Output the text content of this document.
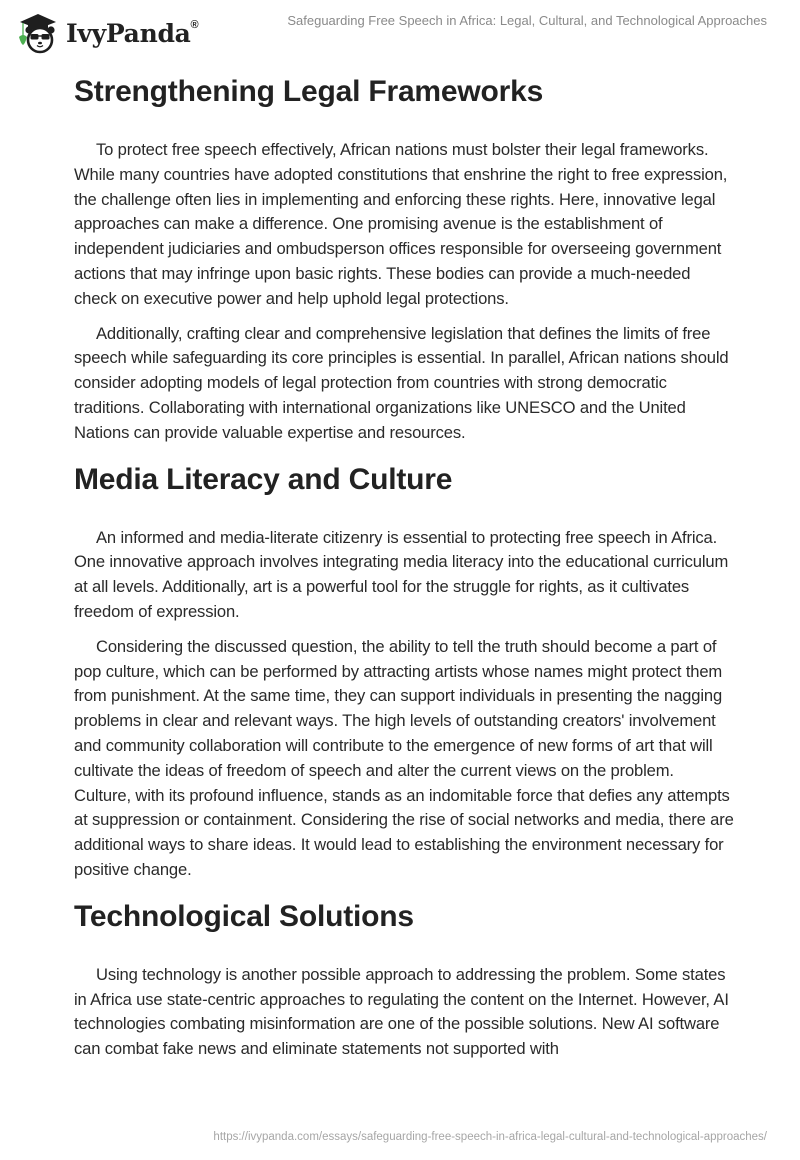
IvyPanda®	Safeguarding Free Speech in Africa: Legal, Cultural, and Technological Approaches
Strengthening Legal Frameworks

To protect free speech effectively, African nations must bolster their legal frameworks. While many countries have adopted constitutions that enshrine the right to free expression, the challenge often lies in implementing and enforcing these rights. Here, innovative legal approaches can make a difference. One promising avenue is the establishment of independent judiciaries and ombudsperson offices responsible for overseeing government actions that may infringe upon basic rights. These bodies can provide a much-needed check on executive power and help uphold legal protections.

Additionally, crafting clear and comprehensive legislation that defines the limits of free speech while safeguarding its core principles is essential. In parallel, African nations should consider adopting models of legal protection from countries with strong democratic traditions. Collaborating with international organizations like UNESCO and the United Nations can provide valuable expertise and resources.

Media Literacy and Culture

An informed and media-literate citizenry is essential to protecting free speech in Africa. One innovative approach involves integrating media literacy into the educational curriculum at all levels. Additionally, art is a powerful tool for the struggle for rights, as it cultivates freedom of expression.

Considering the discussed question, the ability to tell the truth should become a part of pop culture, which can be performed by attracting artists whose names might protect them from punishment. At the same time, they can support individuals in presenting the nagging problems in clear and relevant ways. The high levels of outstanding creators' involvement and community collaboration will contribute to the emergence of new forms of art that will cultivate the ideas of freedom of speech and alter the current views on the problem. Culture, with its profound influence, stands as an indomitable force that defies any attempts at suppression or containment. Considering the rise of social networks and media, there are additional ways to share ideas. It would lead to establishing the environment necessary for positive change.

Technological Solutions

Using technology is another possible approach to addressing the problem. Some states in Africa use state-centric approaches to regulating the content on the Internet. However, AI technologies combating misinformation are one of the possible solutions. New AI software can combat fake news and eliminate statements not supported with

https://ivypanda.com/essays/safeguarding-free-speech-in-africa-legal-cultural-and-technological-approaches/
